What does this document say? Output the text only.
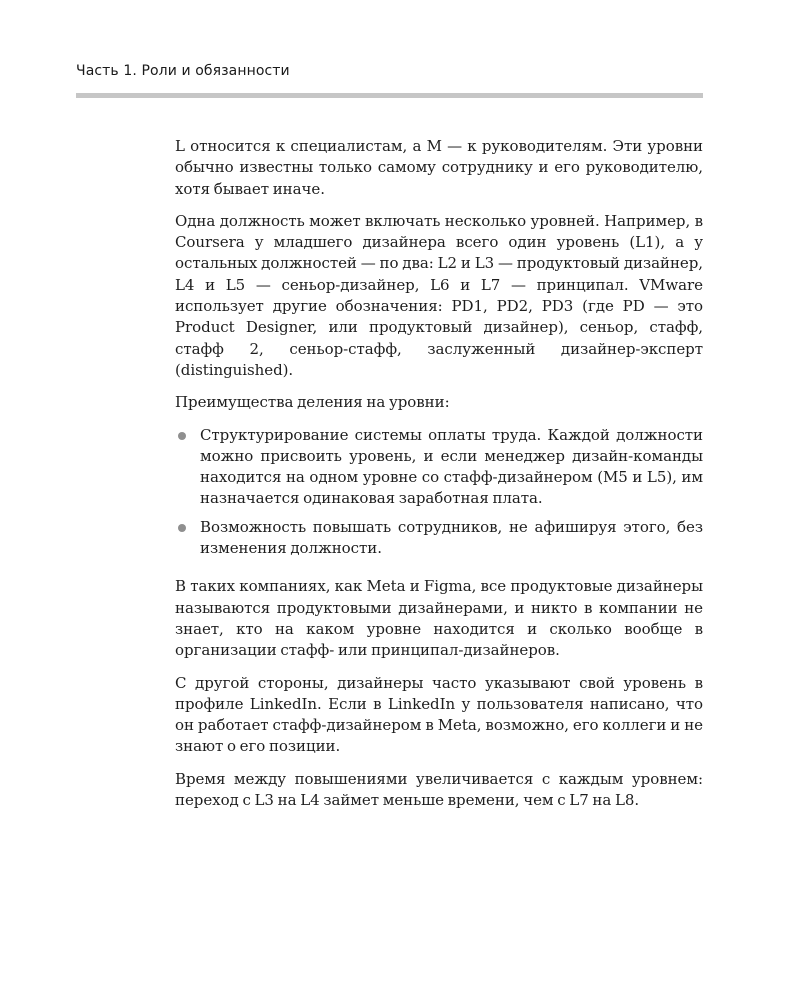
Часть 1. Роли и обязанности

L относится к специалистам, а M — к руководителям. Эти уровни обычно известны только самому сотруднику и его руководителю, хотя бывает иначе.

Одна должность может включать несколько уровней. Например, в Coursera у младшего дизайнера всего один уровень (L1), а у остальных должностей — по два: L2 и L3 — продуктовый дизайнер, L4 и L5 — сеньор-дизайнер, L6 и L7 — принципал. VMware использует другие обозначения: PD1, PD2, PD3 (где PD — это Product Designer, или продуктовый дизайнер), сеньор, стафф, стафф 2, сеньор-стафф, заслуженный дизайнер-эксперт (distinguished).

Преимущества деления на уровни:

Структурирование системы оплаты труда. Каждой должности можно присвоить уровень, и если менеджер дизайн-команды находится на одном уровне со стафф-дизайнером (M5 и L5), им назначается одинаковая заработная плата.
Возможность повышать сотрудников, не афишируя этого, без изменения должности.

В таких компаниях, как Meta и Figma, все продуктовые дизайнеры называются продуктовыми дизайнерами, и никто в компании не знает, кто на каком уровне находится и сколько вообще в организации стафф- или принципал-дизайнеров.

С другой стороны, дизайнеры часто указывают свой уровень в профиле LinkedIn. Если в LinkedIn у пользователя написано, что он работает стафф-дизайнером в Meta, возможно, его коллеги и не знают о его позиции.

Время между повышениями увеличивается с каждым уровнем: переход с L3 на L4 займет меньше времени, чем с L7 на L8.
